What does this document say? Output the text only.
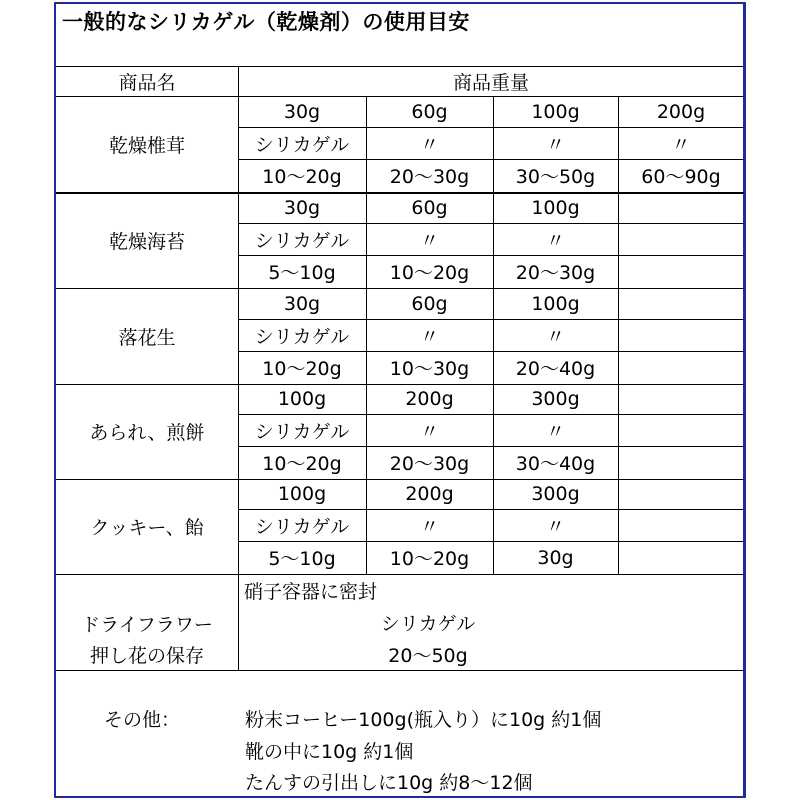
一般的なシリカゲル（乾燥剤）の使用目安
商品名	商品重量
乾燥椎茸
30g
シリカゲル
10〜20g
60g
〃
20〜30g
100g
〃
30〜50g
200g
〃
60〜90g
乾燥海苔
30g
シリカゲル
5〜10g
60g
〃
10〜20g
100g
〃
20〜30g
落花生
30g
シリカゲル
10〜20g
60g
〃
10〜30g
100g
〃
20〜40g
あられ、煎餅
100g
シリカゲル
10〜20g
200g
〃
20〜30g
300g
〃
30〜40g
クッキー、飴
100g
シリカゲル
5〜10g
200g
〃
10〜20g
300g
〃
30g
ドライフラワー
押し花の保存
硝子容器に密封
シリカゲル
20〜50g
その他：	粉末コーヒー100g(瓶入り）に10g 約1個
靴の中に10g 約1個
たんすの引出しに10g 約8〜12個
